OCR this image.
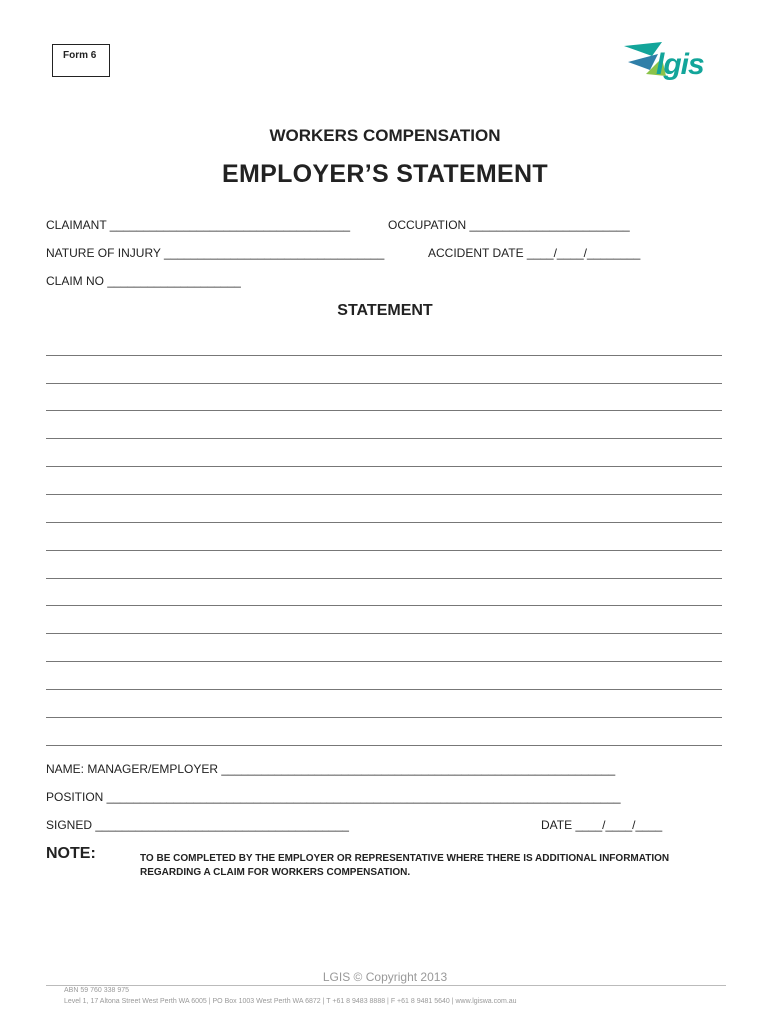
Form 6	lgis
WORKERS COMPENSATION
EMPLOYER’S STATEMENT
CLAIMANT ____________________________________	OCCUPATION ________________________
NATURE OF INJURY _________________________________	ACCIDENT DATE ____/____/________
CLAIM NO ____________________
STATEMENT
NAME: MANAGER/EMPLOYER ___________________________________________________________
POSITION _____________________________________________________________________________
SIGNED ______________________________________	DATE ____/____/____
NOTE:	TO BE COMPLETED BY THE EMPLOYER OR REPRESENTATIVE WHERE THERE IS ADDITIONAL INFORMATION REGARDING A CLAIM FOR WORKERS COMPENSATION.
LGIS © Copyright 2013
ABN 59 760 338 975
Level 1, 17 Altona Street West Perth WA 6005 | PO Box 1003 West Perth WA 6872 | T +61 8 9483 8888 | F +61 8 9481 5640 | www.lgiswa.com.au
